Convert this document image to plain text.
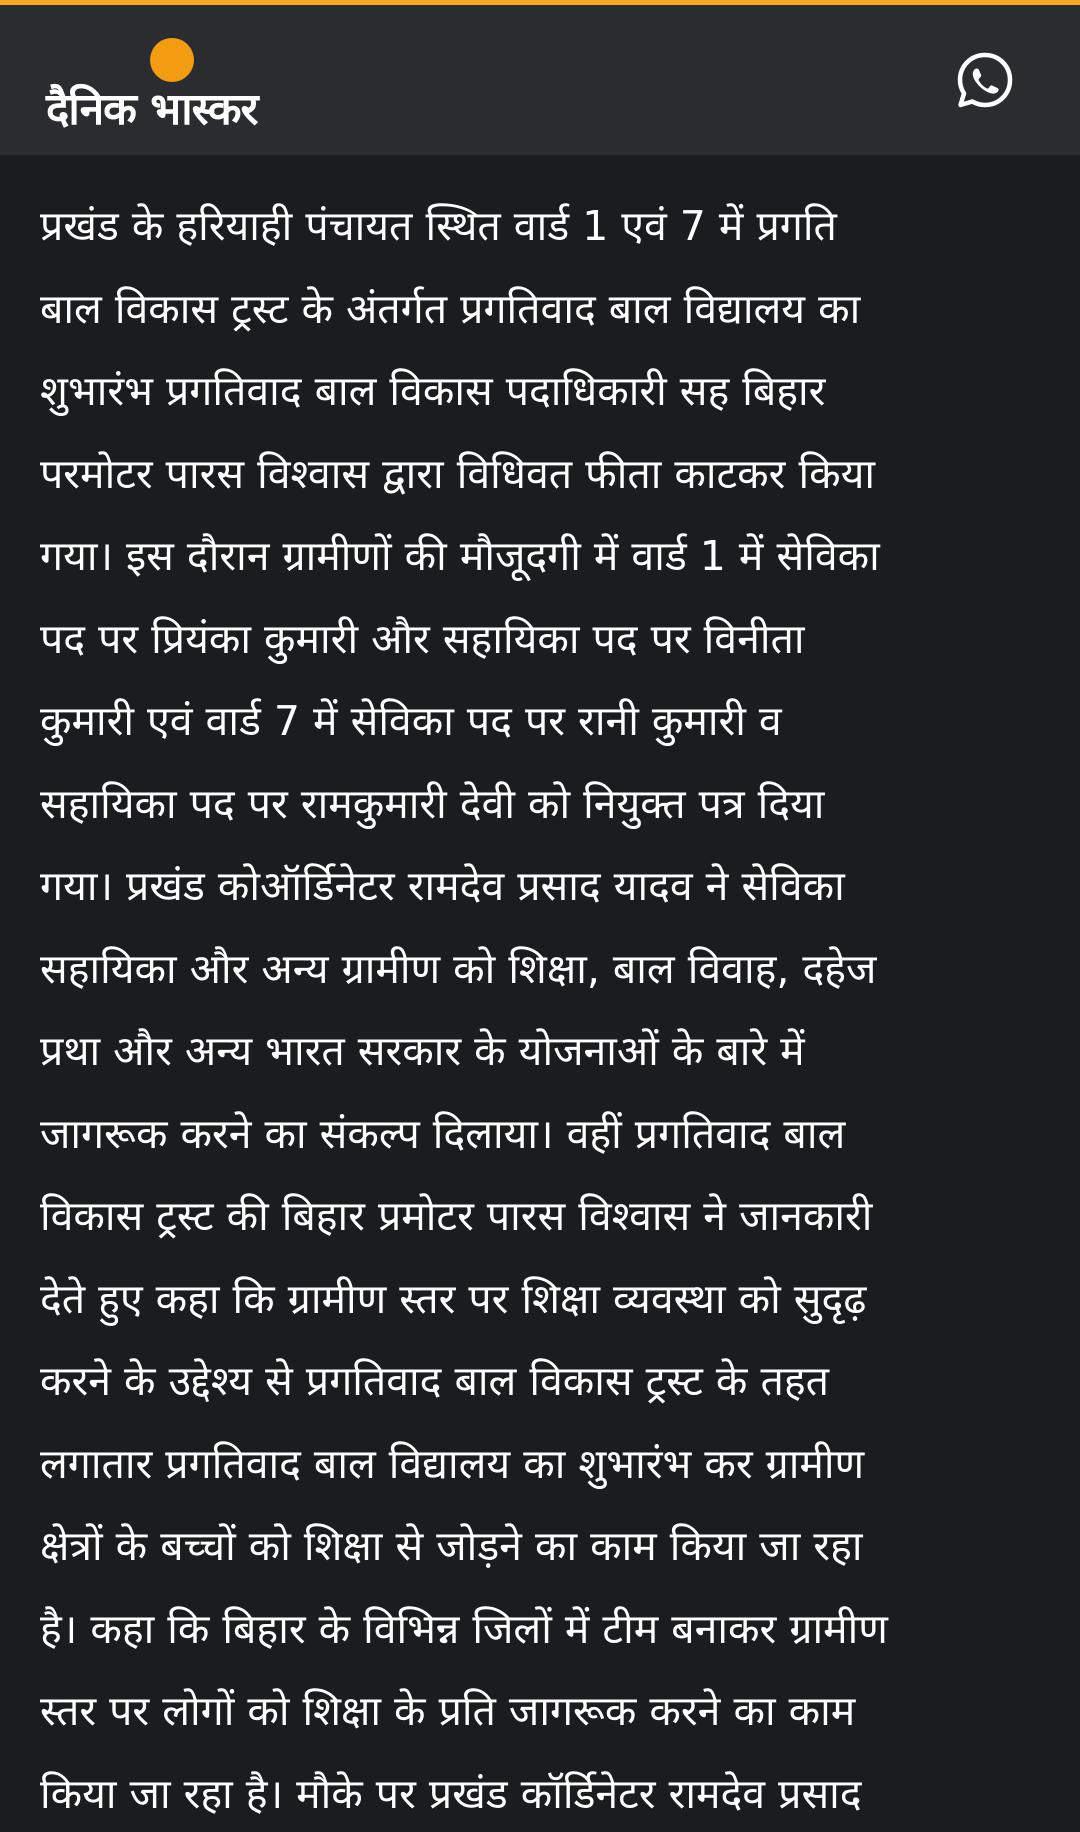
दैनिक भास्कर
प्रखंड के हरियाही पंचायत स्थित वार्ड 1 एवं 7 में प्रगति
बाल विकास ट्रस्ट के अंतर्गत प्रगतिवाद बाल विद्यालय का
शुभारंभ प्रगतिवाद बाल विकास पदाधिकारी सह बिहार
परमोटर पारस विश्वास द्वारा विधिवत फीता काटकर किया
गया। इस दौरान ग्रामीणों की मौजूदगी में वार्ड 1 में सेविका
पद पर प्रियंका कुमारी और सहायिका पद पर विनीता
कुमारी एवं वार्ड 7 में सेविका पद पर रानी कुमारी व
सहायिका पद पर रामकुमारी देवी को नियुक्त पत्र दिया
गया। प्रखंड कोऑर्डिनेटर रामदेव प्रसाद यादव ने सेविका
सहायिका और अन्य ग्रामीण को शिक्षा, बाल विवाह, दहेज
प्रथा और अन्य भारत सरकार के योजनाओं के बारे में
जागरूक करने का संकल्प दिलाया। वहीं प्रगतिवाद बाल
विकास ट्रस्ट की बिहार प्रमोटर पारस विश्वास ने जानकारी
देते हुए कहा कि ग्रामीण स्तर पर शिक्षा व्यवस्था को सुदृढ़
करने के उद्देश्य से प्रगतिवाद बाल विकास ट्रस्ट के तहत
लगातार प्रगतिवाद बाल विद्यालय का शुभारंभ कर ग्रामीण
क्षेत्रों के बच्चों को शिक्षा से जोड़ने का काम किया जा रहा
है। कहा कि बिहार के विभिन्न जिलों में टीम बनाकर ग्रामीण
स्तर पर लोगों को शिक्षा के प्रति जागरूक करने का काम
किया जा रहा है। मौके पर प्रखंड कॉर्डिनेटर रामदेव प्रसाद
